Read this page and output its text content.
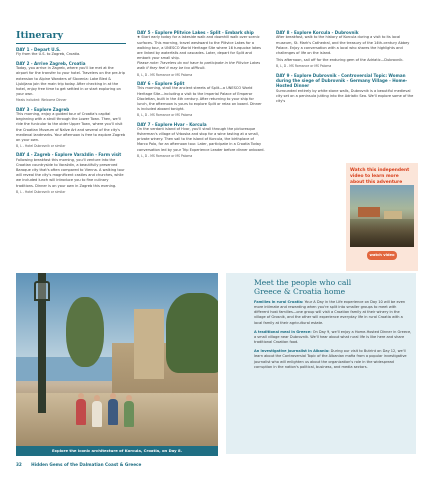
Itinerary
DAY 1 - Depart U.S.

Fly from the U.S. to Zagreb, Croatia.

DAY 2 - Arrive Zagreb, Croatia

Today, you arrive in Zagreb, where you'll be met at the airport for the transfer to your hotel. Travelers on the pre-trip extension to Alpine Wonders of Slovenia: Lake Bled & Ljubljana join the main trip today. After checking in at the hotel, enjoy free time to get settled in or start exploring on your own.

Meals included: Welcome Dinner
DAY 3 - Explore Zagreb

This morning, enjoy a guided tour of Croatia's capital beginning with a stroll through the Lower Town. Then, we'll ride the funicular to the older Upper Town, where you'll visit the Croatian Museum of Naïve Art and several of the city's medieval landmarks. Your afternoon is free to explore Zagreb on your own.

B, L - Hotel Dubrovnik or similar
DAY 4 - Zagreb - Explore Varaždin - Farm visit

Following breakfast this morning, you'll venture into the Croatian countryside to Varaždin, a beautifully preserved Baroque city that's often compared to Vienna. A walking tour will reveal the city's magnificent castles and churches, while we included lunch will introduce you to fine culinary traditions. Dinner is on your own in Zagreb this evening.

B, L - Hotel Dubrovnik or similar
DAY 5 - Explore Plitvice Lakes - Split - Embark ship

★ Start early today for a lakeside walk and downhill walk over scenic surfaces. This morning, travel westward to the Plitvice Lakes for a walking tour, a UNESCO World Heritage Site where 16 turquoise lakes are linked by waterfalls and cascades. Later, depart for Split and embark your small ship.

Please note: Travelers do not have to participate in the Plitvice Lakes walk if they feel it may be too difficult.

B, L, D - MS Romance or MS Paloma
DAY 6 - Explore Split

This morning, stroll the ancient streets of Split—a UNESCO World Heritage Site—including a visit to the Imperial Palace of Emperor Diocletian, built in the 4th century. After returning to your ship for lunch, the afternoon is yours to explore Split or relax on board. Dinner is included aboard tonight.

B, L, D - MS Romance or MS Paloma
DAY 7 - Explore Hvar - Korcula

On the verdant island of Hvar, you'll stroll through the picturesque fisherman's village of Vrboska and stop for a wine tasting at a small, private winery. Then sail to the island of Korcula, the birthplace of Marco Polo, for an afternoon tour. Later, participate in a Croatia Today conversation led by your Trip Experience Leader before dinner onboard.

B, L, D - MS Romance or MS Paloma
DAY 8 - Explore Korcula - Dubrovnik

After breakfast, walk to the history of Korcula during a visit to its local museum, St. Mark's Cathedral, and the treasury of the 14th-century Abbey Palace. Enjoy a conversation with a local who shares the highlights and challenges of life on the island.

This afternoon, sail off for the enduring gem of the Adriatic—Dubrovnik.

B, L, D - MS Romance or MS Paloma
DAY 9 - Explore Dubrovnik - Controversial Topic: Woman during the siege of Dubrovnik - Germany Village - Home-Hosted Dinner

Surrounded entirely by white stone walls, Dubrovnik is a beautiful medieval city set on a peninsula jutting into the Adriatic Sea. We'll explore some of the city's

Watch this independent video to learn more about this adventure
watch video
Explore the iconic architecture of Korcula, Croatia, on Day 8.
Meet the people who call Greece & Croatia home

Families in rural Croatia: Your A Day in the Life experience on Day 10 will be even more intimate and rewarding when you're split into smaller groups to meet with different host families—one group will visit a Croatian family at their winery in the village of Grosnik, and the other will experience everyday life in rural Croatia with a local family at their agricultural estate.

A traditional meal in Greece: On Day 9, we'll enjoy a Home-Hosted Dinner in Greece, a small village near Dubrovnik. We'll hear about what rural life is like here and share traditional Croatian food.

An investigative journalist in Albania: During our visit to Butrint on Day 12, we'll learn about the Controversial Topic of the Albanian mafia from a popular investigative journalist who will enlighten us about the organization's role in the widespread corruption in the nation's political, business, and media sectors.

32 Hidden Gems of the Dalmatian Coast & Greece
